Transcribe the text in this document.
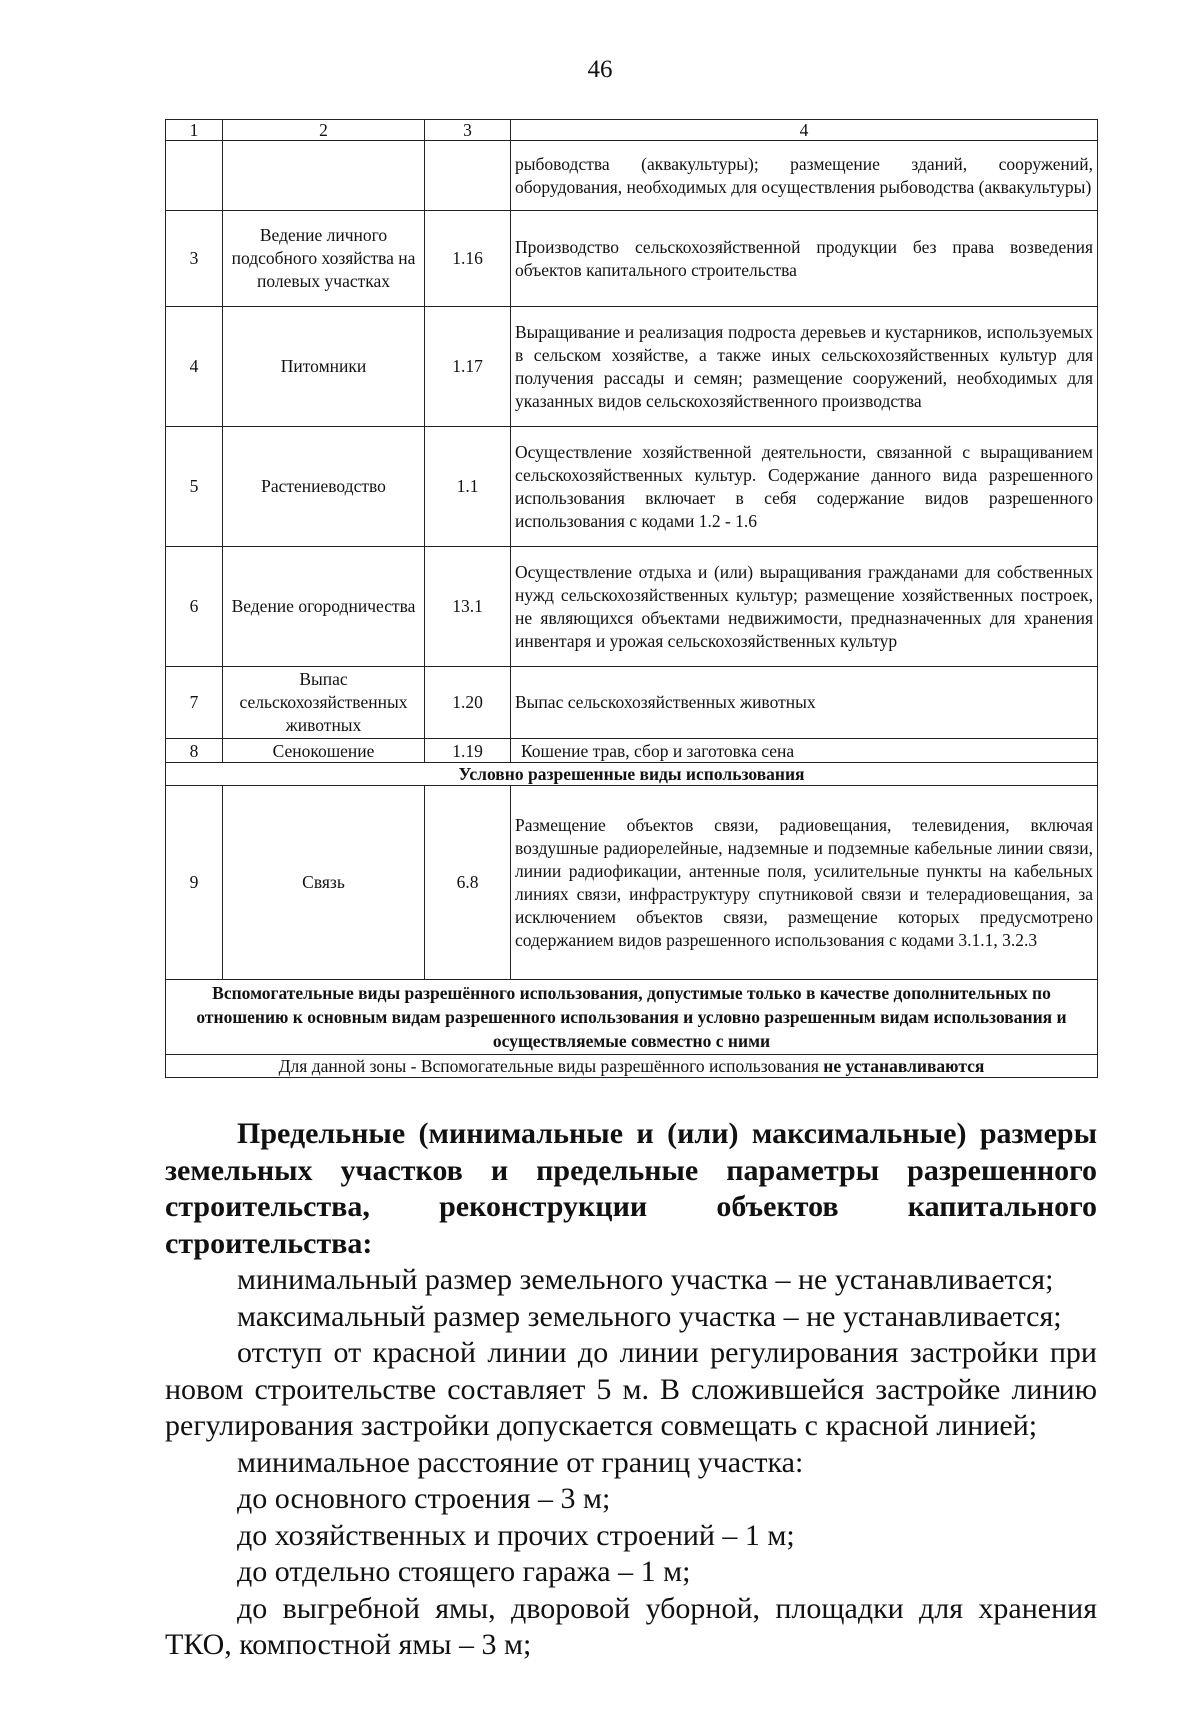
46
1	2	3	4
			рыбоводства (аквакультуры); размещение зданий, сооружений, оборудования, необходимых для осуществления рыбоводства (аквакультуры)
3	Ведение личного подсобного хозяйства на полевых участках	1.16	Производство сельскохозяйственной продукции без права возведения объектов капитального строительства
4	Питомники	1.17	Выращивание и реализация подроста деревьев и кустарников, используемых в сельском хозяйстве, а также иных сельскохозяйственных культур для получения рассады и семян; размещение сооружений, необходимых для указанных видов сельскохозяйственного производства
5	Растениеводство	1.1	Осуществление хозяйственной деятельности, связанной с выращиванием сельскохозяйственных культур. Содержание данного вида разрешенного использования включает в себя содержание видов разрешенного использования с кодами 1.2 - 1.6
6	Ведение огородничества	13.1	Осуществление отдыха и (или) выращивания гражданами для собственных нужд сельскохозяйственных культур; размещение хозяйственных построек, не являющихся объектами недвижимости, предназначенных для хранения инвентаря и урожая сельскохозяйственных культур
7	Выпас сельскохозяйственных животных	1.20	Выпас сельскохозяйственных животных
8	Сенокошение	1.19	Кошение трав, сбор и заготовка сена
Условно разрешенные виды использования			
9	Связь	6.8	Размещение объектов связи, радиовещания, телевидения, включая воздушные радиорелейные, надземные и подземные кабельные линии связи, линии радиофикации, антенные поля, усилительные пункты на кабельных линиях связи, инфраструктуру спутниковой связи и телерадиовещания, за исключением объектов связи, размещение которых предусмотрено содержанием видов разрешенного использования с кодами 3.1.1, 3.2.3
Вспомогательные виды разрешённого использования, допустимые только в качестве дополнительных по отношению к основным видам разрешенного использования и условно разрешенным видам использования и осуществляемые совместно с ними			
Для данной зоны - Вспомогательные виды разрешённого использования не устанавливаются			

Предельные (минимальные и (или) максимальные) размеры земельных участков и предельные параметры разрешенного строительства, реконструкции объектов капитального строительства:

минимальный размер земельного участка – не устанавливается;

максимальный размер земельного участка – не устанавливается;

отступ от красной линии до линии регулирования застройки при новом строительстве составляет 5 м. В сложившейся застройке линию регулирования застройки допускается совмещать с красной линией;

минимальное расстояние от границ участка:

до основного строения – 3 м;

до хозяйственных и прочих строений – 1 м;

до отдельно стоящего гаража – 1 м;

до выгребной ямы, дворовой уборной, площадки для хранения ТКО, компостной ямы – 3 м;
